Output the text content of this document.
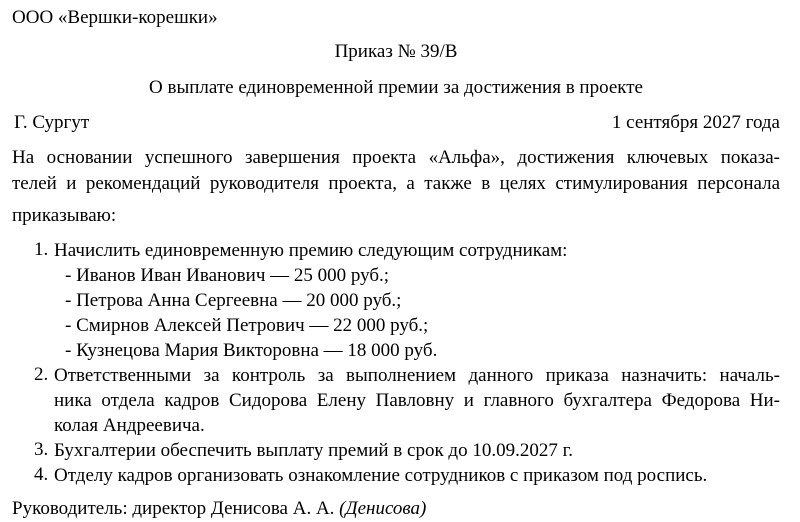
ООО «Вершки-корешки»

Приказ № 39/В

О выплате единовременной премии за достижения в проекте

Г. Сургут	1 сентября 2027 года
На основании успешного завершения проекта «Альфа», достижения ключевых показа-
телей и рекомендаций руководителя проекта, а также в целях стимулирования персонала

приказываю:

1. Начислить единовременную премию следующим сотрудникам:
- Иванов Иван Иванович — 25 000 руб.;
- Петрова Анна Сергеевна — 20 000 руб.;
- Смирнов Алексей Петрович — 22 000 руб.;
- Кузнецова Мария Викторовна — 18 000 руб.
2. Ответственными за контроль за выполнением данного приказа назначить: началь-
ника отдела кадров Сидорова Елену Павловну и главного бухгалтера Федорова Ни-
колая Андреевича.
3. Бухгалтерии обеспечить выплату премий в срок до 10.09.2027 г.
4. Отделу кадров организовать ознакомление сотрудников с приказом под роспись.

Руководитель: директор Денисова А. А. (Денисова)
